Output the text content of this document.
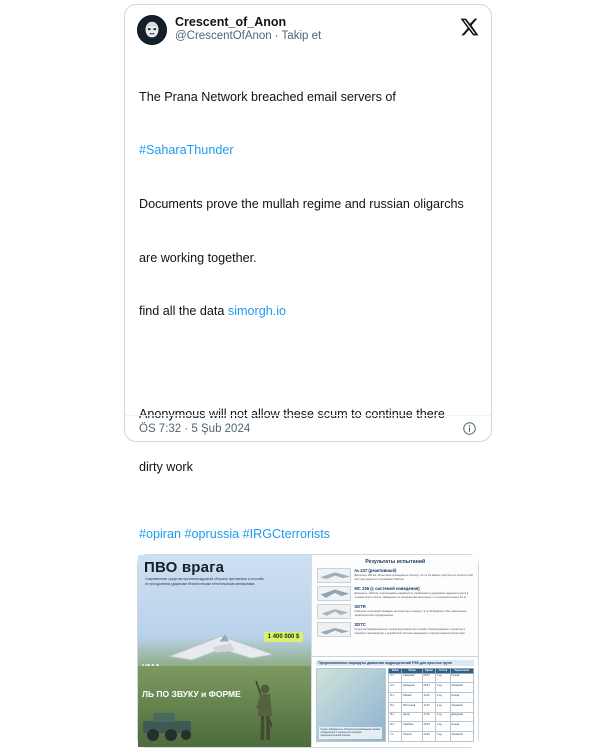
Crescent_of_Anon
@CrescentOfAnon · Takip et

The Prana Network breached email servers of

#SaharaThunder

Documents prove the mullah regime and russian oligarchs

are working together.

find all the data simorgh.io

Anonymous will not allow these scum to continue there

dirty work

#opiran #oprussia #IRGCterrorists
ПВО врага
Современные средства противовоздушной обороны противника и способы их преодоления ударными беспилотными летательными аппаратами
1 400 000 $
ЛЬ ПО ЗВУКУ и ФОРМЕ
Результаты испытаний
№ 237 (реактивный)
Двигатель 200 км. Испытания проведены в период с 12 по 19 января. Достигнута скорость 620 км/ч при дальности поражения 1000 км.
МС 236 (с системой наведения)
Дальность 1200 км, подтверждена надёжность управления и удержание заданного курса в течение всего полёта. Наведение по координатам выполнено с отклонением менее 10 м.
SDTR
Комплекс испытаний проведён на полигоне в период с 3 по 28 февраля. Все заявленные характеристики подтверждены.
SDTC
Серия экспериментальных пусков выполнена без отказов. Рекомендовано к принятию в серийное производство с доработкой системы наведения и корректировкой алгоритмов.
Предполагаемые маршруты движения подразделений РЭБ для простых групп
Схема «Прикрытие» обозначена возможными зонами обнаружения и перекрытия контуров радиоэлектронной борьбы.
Район	Рубеж	Время	Состав	Примечание
А-1	Северный	06:00	2 ед.	Резерв
А-2	Западный	08:30	3 ед.	Основной
Б-1	Южный	11:00	2 ед.	Резерв
Б-2	Восточный	14:15	4 ед.	Основной
В-1	Центр	17:40	1 ед.	Дежурный
В-2	Прибреж.	20:00	2 ед.	Резерв
Г-1	Горный	22:30	3 ед.	Основной
ÖS 7:32 · 5 Şub 2024
